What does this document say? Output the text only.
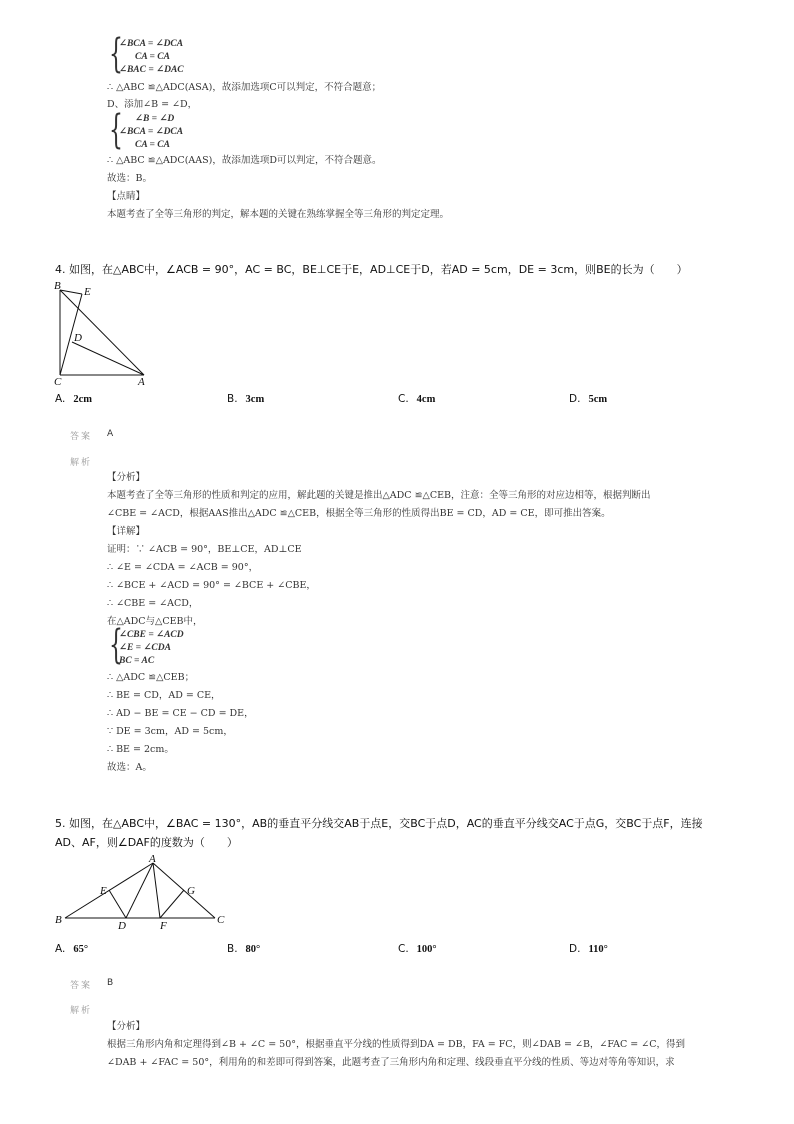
{
∠BCA = ∠DCA
CA = CA
∠BAC = ∠DAC
∴ △ABC ≌△ADC(ASA)，故添加选项C可以判定，不符合题意；
D、添加∠B = ∠D，
{ ∠B = ∠D
∠BCA = ∠DCA
CA = CA
∴ △ABC ≌△ADC(AAS)，故添加选项D可以判定，不符合题意。
故选：B。
【点睛】
本题考查了全等三角形的判定，解本题的关键在熟练掌握全等三角形的判定定理。
4. 如图，在△ABC中，∠ACB = 90°，AC = BC，BE⊥CE于E，AD⊥CE于D，若AD = 5cm，DE = 3cm，则BE的长为（　　）
B E
D
C	A
A. 2cm	B. 3cm	C. 4cm	D. 5cm
答案 A
解析
【分析】
本题考查了全等三角形的性质和判定的应用，解此题的关键是推出△ADC ≌△CEB，注意：全等三角形的对应边相等，根据判断出
∠CBE = ∠ACD，根据AAS推出△ADC ≌△CEB，根据全等三角形的性质得出BE = CD，AD = CE，即可推出答案。
【详解】
证明：∵ ∠ACB = 90°，BE⊥CE，AD⊥CE
∴ ∠E = ∠CDA = ∠ACB = 90°，
∴ ∠BCE + ∠ACD = 90° = ∠BCE + ∠CBE，
∴ ∠CBE = ∠ACD，
在△ADC与△CEB中，
{
∠CBE = ∠ACD
∠E = ∠CDA
BC = AC
∴ △ADC ≌△CEB；
∴ BE = CD，AD = CE，
∴ AD − BE = CE − CD = DE，
∵ DE = 3cm，AD = 5cm，
∴ BE = 2cm。
故选：A。
5. 如图，在△ABC中，∠BAC = 130°，AB的垂直平分线交AB于点E，交BC于点D，AC的垂直平分线交AC于点G，交BC于点F，连接
AD、AF，则∠DAF的度数为（　　）
A
E	G
B	D	F	C
A. 65°	B. 80°	C. 100°	D. 110°
答案 B
解析
【分析】
根据三角形内角和定理得到∠B + ∠C = 50°，根据垂直平分线的性质得到DA = DB，FA = FC，则∠DAB = ∠B，∠FAC = ∠C，得到
∠DAB + ∠FAC = 50°，利用角的和差即可得到答案，此题考查了三角形内角和定理、线段垂直平分线的性质、等边对等角等知识，求
